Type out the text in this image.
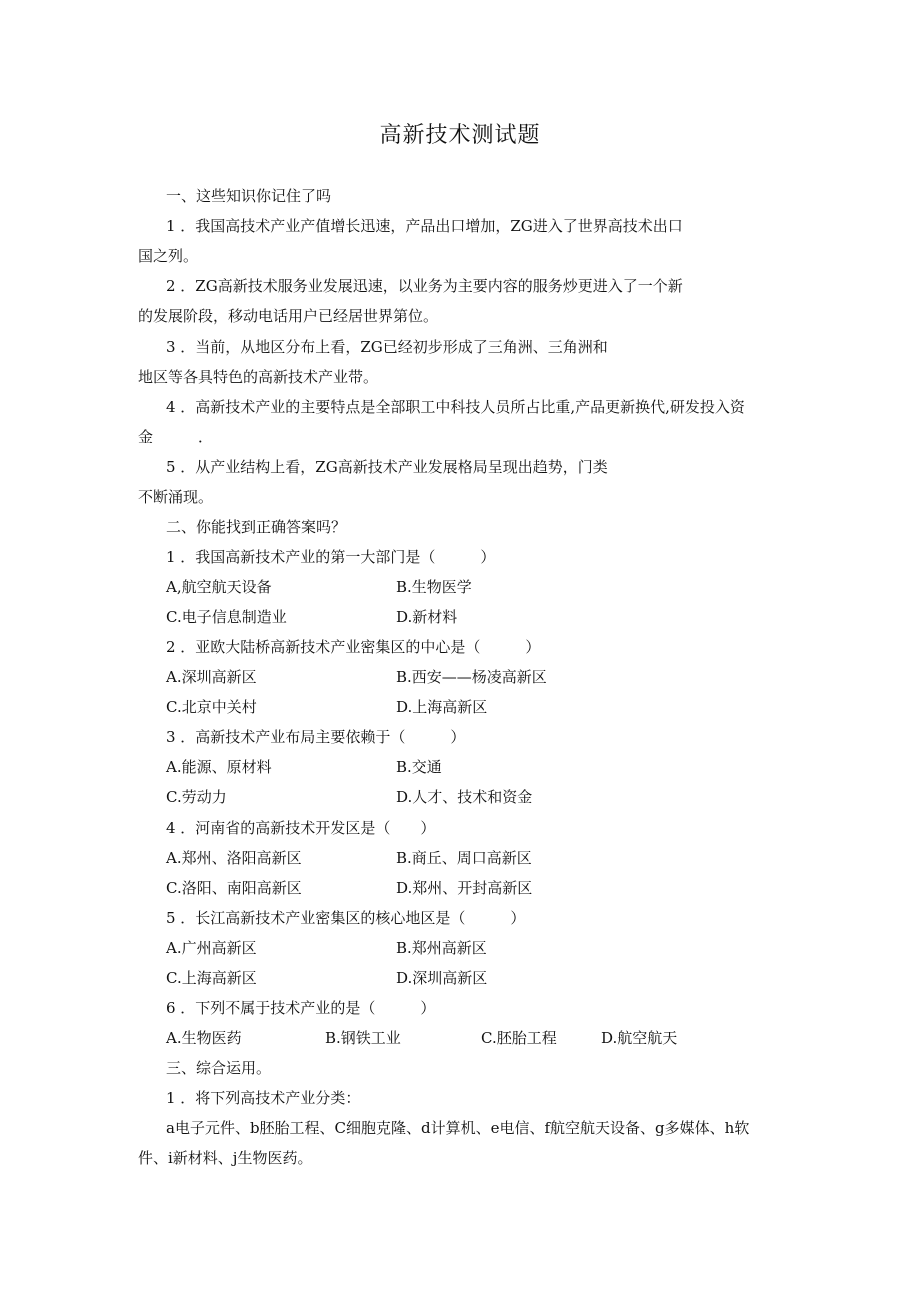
高新技术测试题
一、这些知识你记住了吗
1 ．我国高技术产业产值增长迅速，产品出口增加，ZG进入了世界高技术出口
国之列。
2 ．ZG高新技术服务业发展迅速，以业务为主要内容的服务炒更进入了一个新
的发展阶段，移动电话用户已经居世界第位。
3 ．当前，从地区分布上看，ZG已经初步形成了三角洲、三角洲和
地区等各具特色的高新技术产业带。
4 ．高新技术产业的主要特点是全部职工中科技人员所占比重,产品更新换代,研发投入资
金　　　．
5 ．从产业结构上看，ZG高新技术产业发展格局呈现出趋势，门类
不断涌现。
二、你能找到正确答案吗？
1 ．我国高新技术产业的第一大部门是（　　　）
A,航空航天设备	B.生物医学
C.电子信息制造业	D.新材料
2 ．亚欧大陆桥高新技术产业密集区的中心是（　　　）
A.深圳高新区	B.西安——杨凌高新区
C.北京中关村	D.上海高新区
3 ．高新技术产业布局主要依赖于（　　　）
A.能源、原材料	B.交通
C.劳动力	D.人才、技术和资金
4 ．河南省的高新技术开发区是（　　）
A.郑州、洛阳高新区	B.商丘、周口高新区
C.洛阳、南阳高新区	D.郑州、开封高新区
5 ．长江高新技术产业密集区的核心地区是（　　　）
A.广州高新区	B.郑州高新区
C.上海高新区	D.深圳高新区
6 ．下列不属于技术产业的是（　　　）
A.生物医药	B.钢铁工业	C.胚胎工程	D.航空航天
三、综合运用。
1 ．将下列高技术产业分类：
a电子元件、b胚胎工程、C细胞克隆、d计算机、e电信、f航空航天设备、g多媒体、h软
件、i新材料、j生物医药。
